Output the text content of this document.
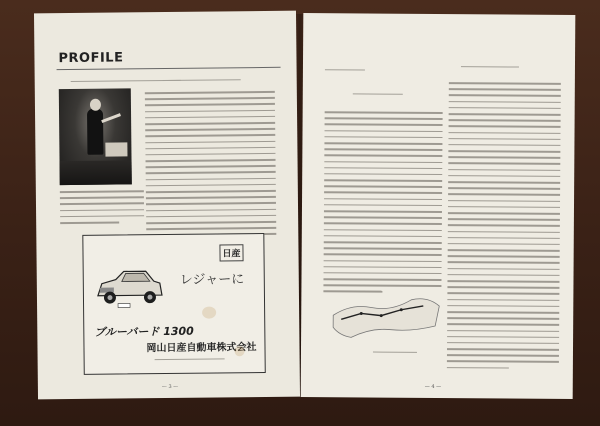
PROFILE
日産
レジャーに
ブルーバード 1300
岡山日産自動車株式会社
— 3 —	— 4 —
